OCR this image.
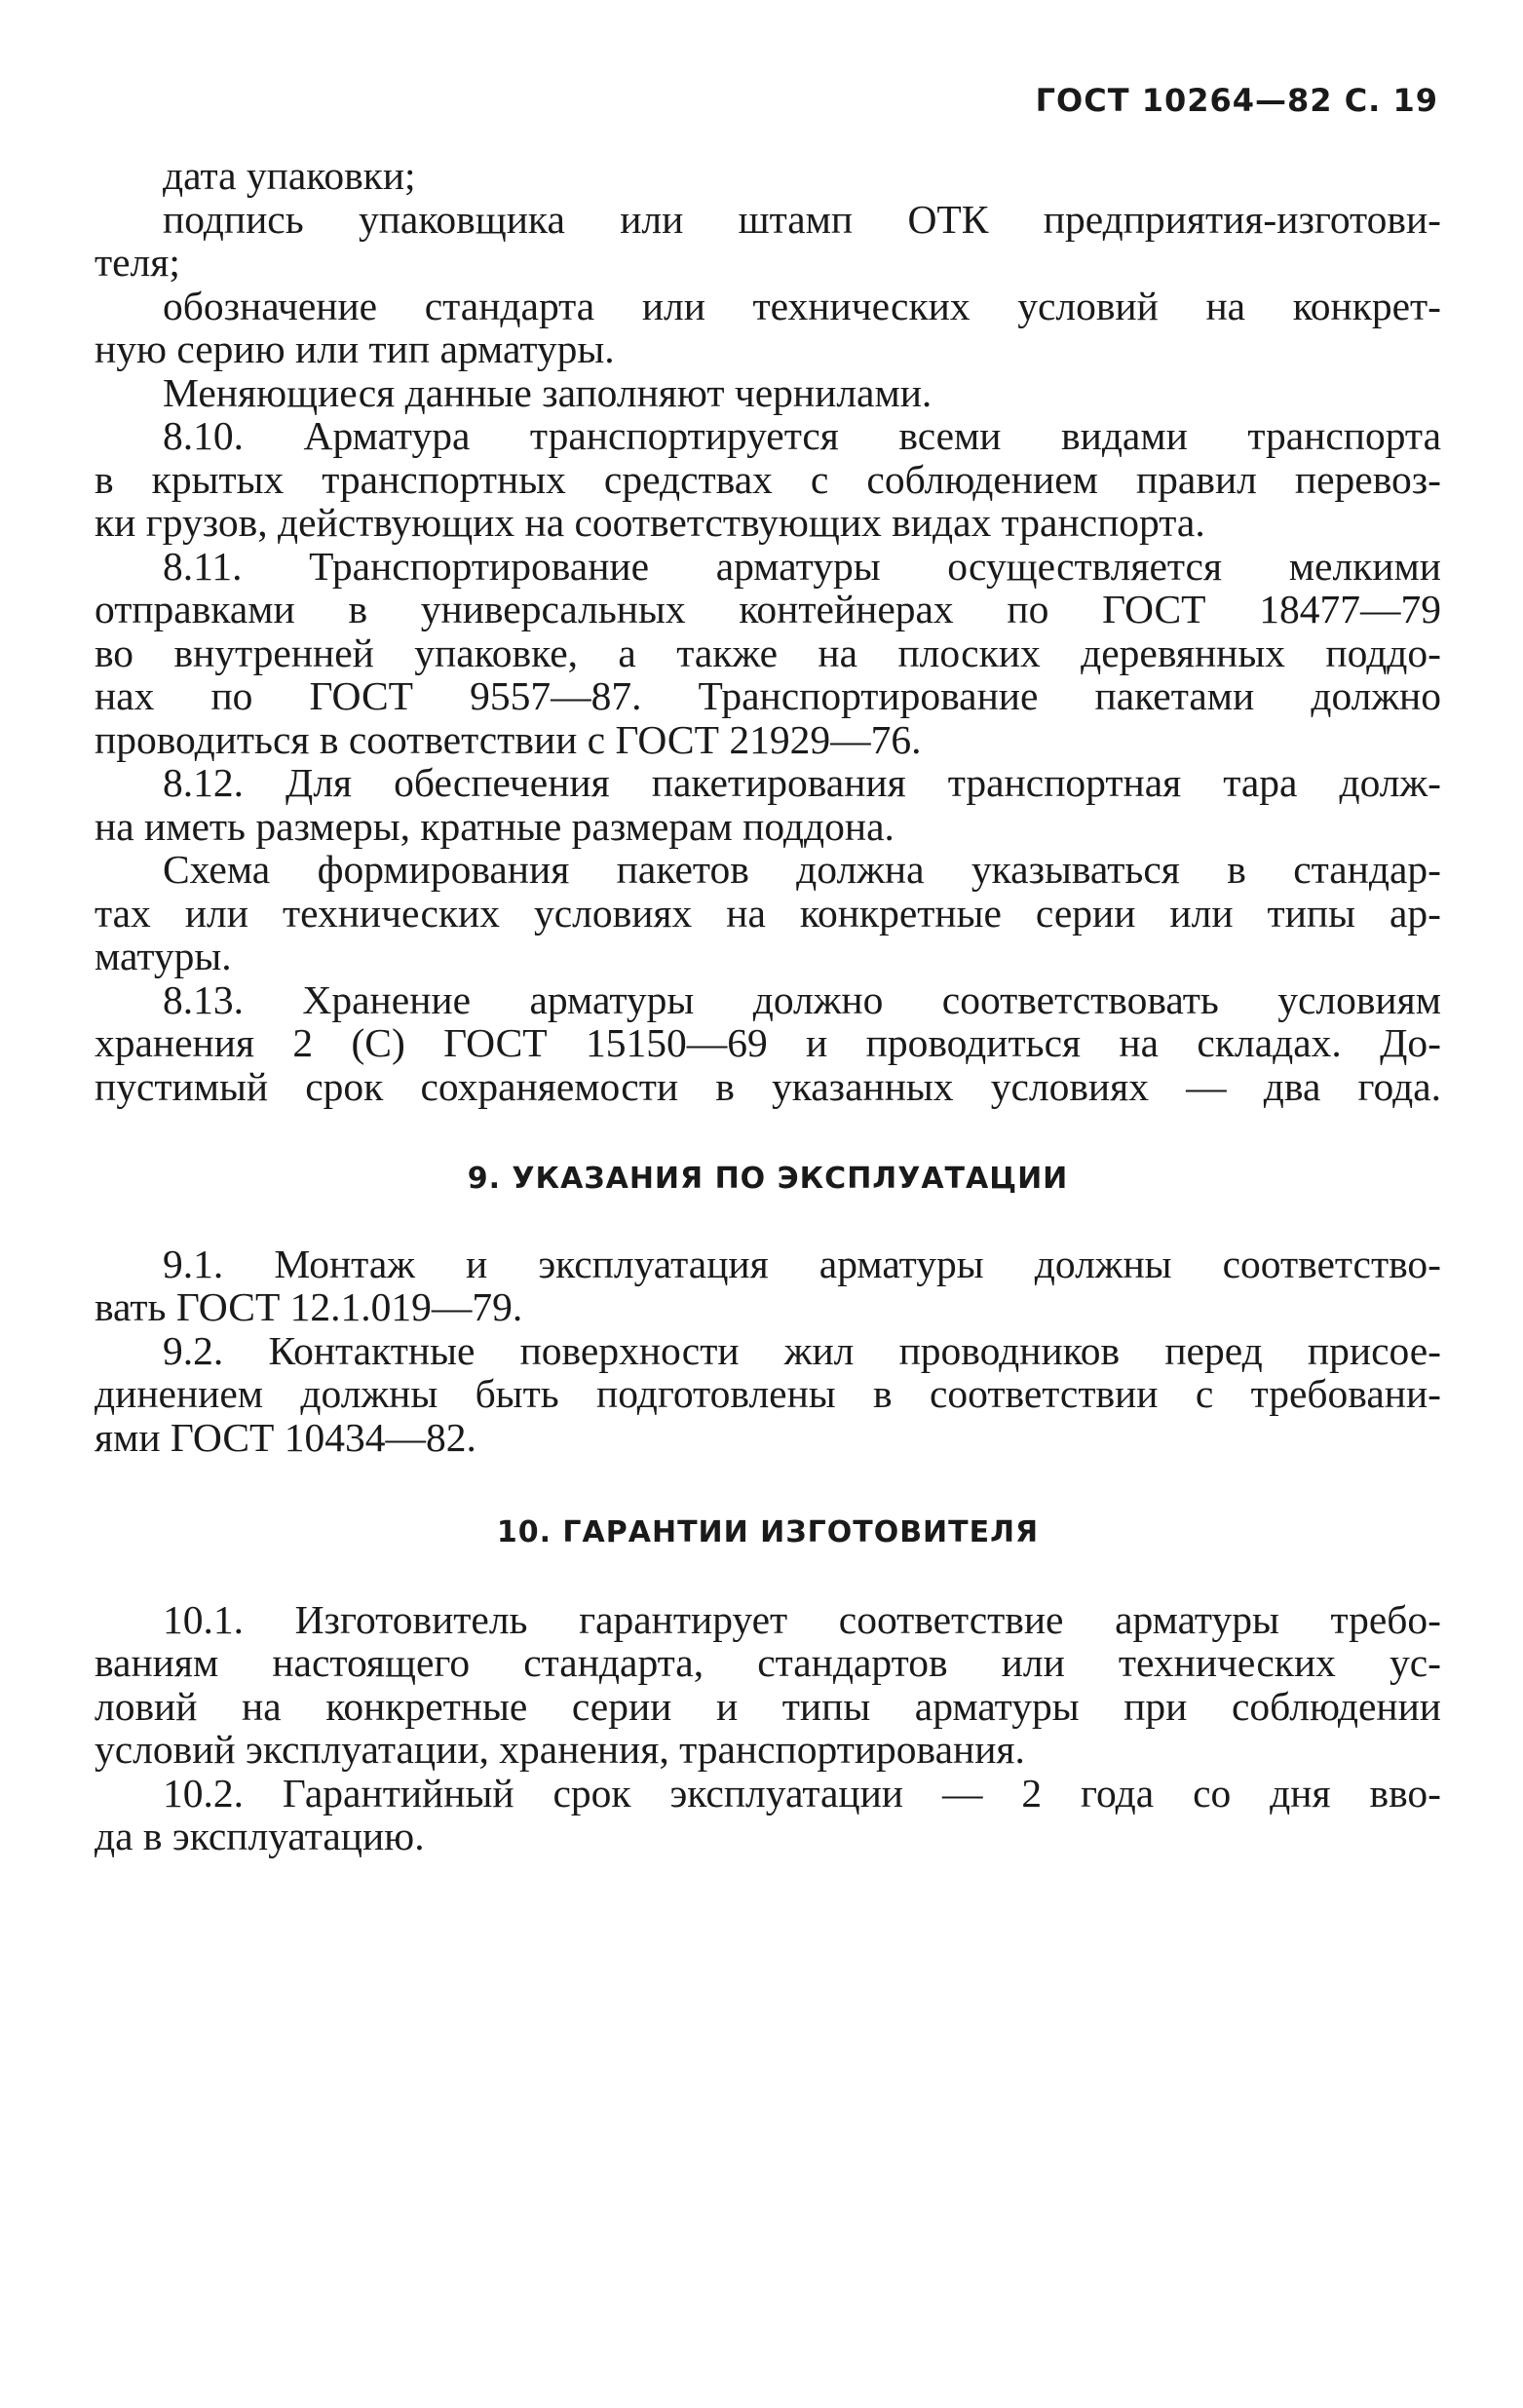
ГОСТ 10264—82 С. 19

дата упаковки;

подпись упаковщика или штамп ОТК предприятия-изготови-
теля;

обозначение стандарта или технических условий на конкрет-
ную серию или тип арматуры.

Меняющиеся данные заполняют чернилами.

8.10. Арматура транспортируется всеми видами транспорта
в крытых транспортных средствах с соблюдением правил перевоз-
ки грузов, действующих на соответствующих видах транспорта.

8.11. Транспортирование арматуры осуществляется мелкими
отправками в универсальных контейнерах по ГОСТ 18477—79
во внутренней упаковке, а также на плоских деревянных поддо-
нах по ГОСТ 9557—87. Транспортирование пакетами должно
проводиться в соответствии с ГОСТ 21929—76.

8.12. Для обеспечения пакетирования транспортная тара долж-
на иметь размеры, кратные размерам поддона.

Схема формирования пакетов должна указываться в стандар-
тах или технических условиях на конкретные серии или типы ар-
матуры.

8.13. Хранение арматуры должно соответствовать условиям
хранения 2 (С) ГОСТ 15150—69 и проводиться на складах. До-
пустимый срок сохраняемости в указанных условиях — два года.

9. УКАЗАНИЯ ПО ЭКСПЛУАТАЦИИ

9.1. Монтаж и эксплуатация арматуры должны соответство-
вать ГОСТ 12.1.019—79.

9.2. Контактные поверхности жил проводников перед присое-
динением должны быть подготовлены в соответствии с требовани-
ями ГОСТ 10434—82.

10. ГАРАНТИИ ИЗГОТОВИТЕЛЯ

10.1. Изготовитель гарантирует соответствие арматуры требо-
ваниям настоящего стандарта, стандартов или технических ус-
ловий на конкретные серии и типы арматуры при соблюдении
условий эксплуатации, хранения, транспортирования.

10.2. Гарантийный срок эксплуатации — 2 года со дня вво-
да в эксплуатацию.
